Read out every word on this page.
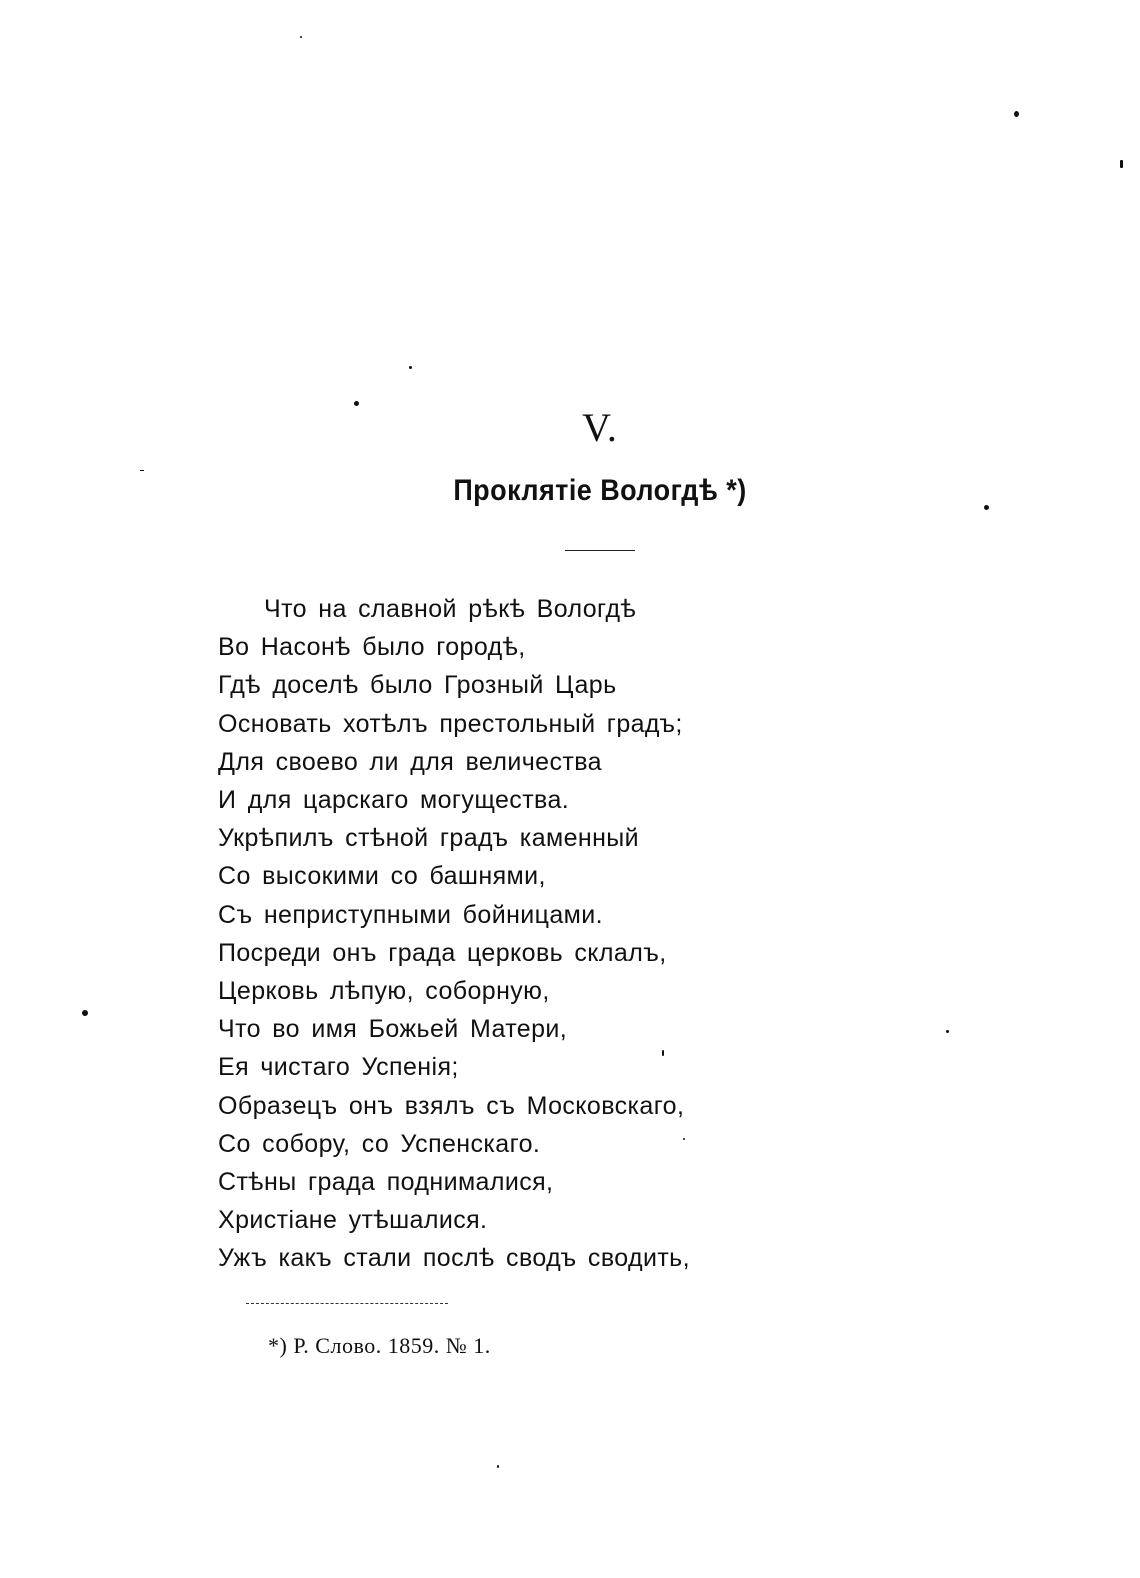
V.
Проклятіе Вологдѣ *)
Что на славной рѣкѣ Вологдѣ
Во Насонѣ было городѣ,
Гдѣ доселѣ было Грозный Царь
Основать хотѣлъ престольный градъ;
Для своево ли для величества
И для царскаго могущества.
Укрѣпилъ стѣной градъ каменный
Со высокими со башнями,
Съ неприступными бойницами.
Посреди онъ града церковь склалъ,
Церковь лѣпую, соборную,
Что во имя Божьей Матери,
Ея чистаго Успенія;
Образецъ онъ взялъ съ Московскаго,
Со собору, со Успенскаго.
Стѣны града поднималися,
Христіане утѣшалися.
Ужъ какъ стали послѣ сводъ сводить,
*) Р. Слово. 1859. № 1.
